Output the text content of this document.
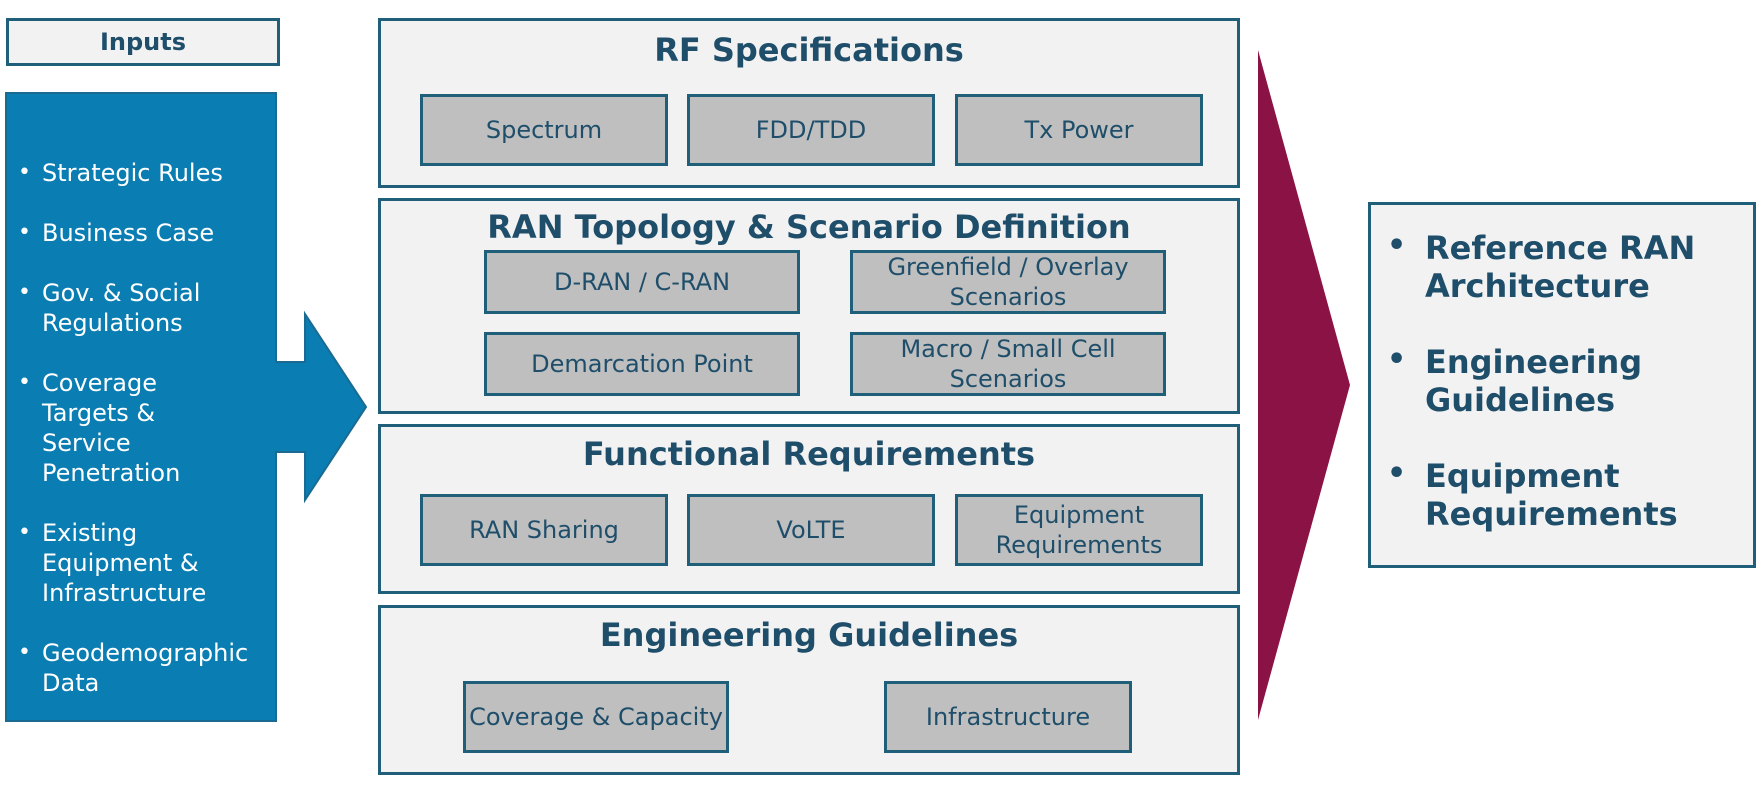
Inputs
• Strategic Rules
• Business Case
• Gov. & Social Regulations
• Coverage Targets & Service Penetration
• Existing Equipment & Infrastructure
• Geodemographic Data
RF Specifications
Spectrum	FDD/TDD	Tx Power
RAN Topology & Scenario Definition
D-RAN / C-RAN
Greenfield / Overlay Scenarios
Demarcation Point
Macro / Small Cell Scenarios
Functional Requirements
RAN Sharing	VoLTE
Equipment Requirements
Engineering Guidelines
Coverage & Capacity	Infrastructure
• Reference RAN Architecture
• Engineering Guidelines
• Equipment Requirements
